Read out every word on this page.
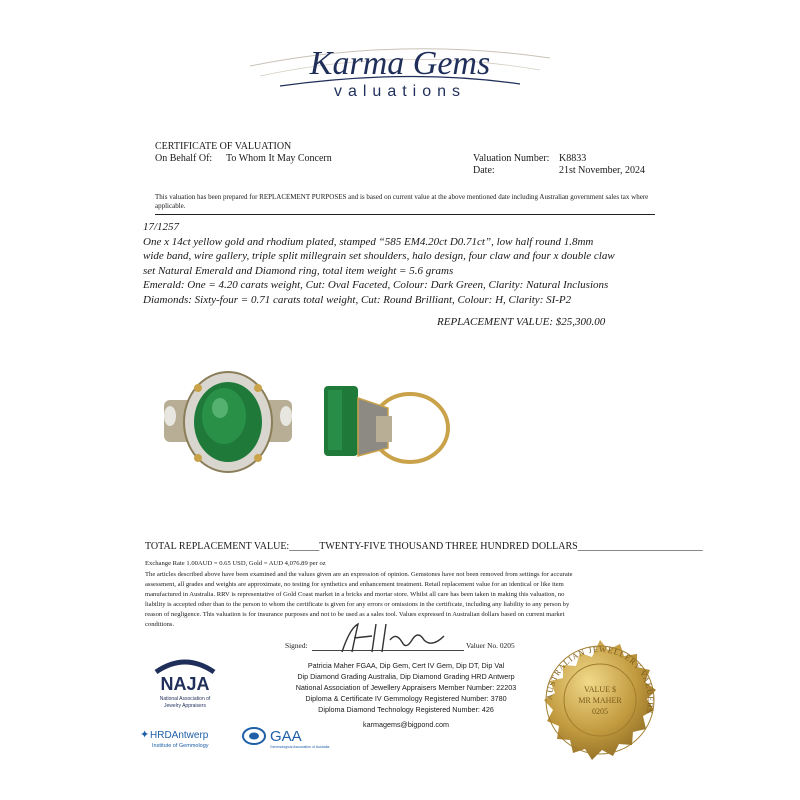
Karma Gems
valuations
CERTIFICATE OF VALUATION
On Behalf Of: To Whom It May Concern	Valuation Number: K8833
Date:	21st November, 2024
This valuation has been prepared for REPLACEMENT PURPOSES and is based on current value at the above mentioned date including Australian government sales tax where applicable.
17/1257
One x 14ct yellow gold and rhodium plated, stamped “585 EM4.20ct D0.71ct”, low half round 1.8mm
wide band, wire gallery, triple split millegrain set shoulders, halo design, four claw and four x double claw
set Natural Emerald and Diamond ring, total item weight = 5.6 grams
Emerald: One = 4.20 carats weight, Cut: Oval Faceted, Colour: Dark Green, Clarity: Natural Inclusions
Diamonds: Sixty-four = 0.71 carats total weight, Cut: Round Brilliant, Colour: H, Clarity: SI-P2
REPLACEMENT VALUE: $25,300.00
TOTAL REPLACEMENT VALUE:______TWENTY-FIVE THOUSAND THREE HUNDRED DOLLARS_________________________
Exchange Rate 1.00AUD = 0.65 USD, Gold = AUD 4,076.89 per oz
The articles described above have been examined and the values given are an expression of opinion. Gemstones have not been removed from settings for accurate
assessment, all grades and weights are approximate, no testing for synthetics and enhancement treatment. Retail replacement value for an identical or like item
manufactured in Australia. RRV is representative of Gold Coast market in a bricks and mortar store. Whilst all care has been taken in making this valuation, no
liability is accepted other than to the person to whom the certificate is given for any errors or omissions in the certificate, including any liability to any person by
reason of negligence. This valuation is for insurance purposes and not to be used as a sales tool. Values expressed in Australian dollars based on current market
conditions.
Signed:	Valuer No. 0205
Patricia Maher FGAA, Dip Gem, Cert IV Gem, Dip DT, Dip Val
Dip Diamond Grading Australia, Dip Diamond Grading HRD Antwerp
National Association of Jewellery Appraisers Member Number: 22203
Diploma & Certificate IV Gemmology Registered Number: 3780
Diploma Diamond Technology Registered Number: 426
karmagems@bigpond.com
NAJA
National Association of
Jewelry Appraisers
✦ HRDAntwerp
Institute of Gemmology
GAA
Gemmological Association of Australia
AUSTRALIAN JEWELLERY VALUERS
VALUE $
MR MAHER
0205
